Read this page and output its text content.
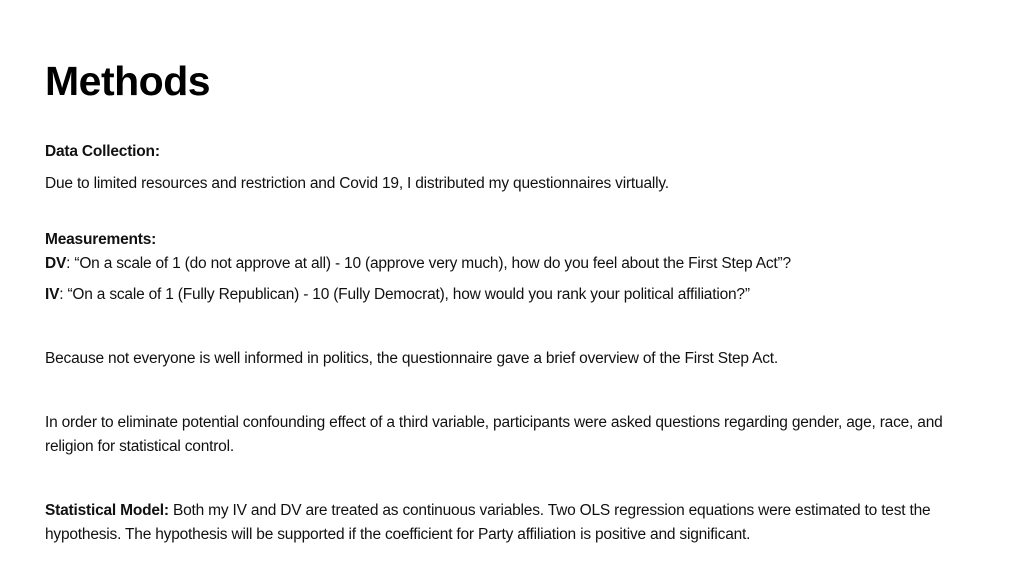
Methods

Data Collection:

Due to limited resources and restriction and Covid 19, I distributed my questionnaires virtually.

Measurements:

DV: “On a scale of 1 (do not approve at all) - 10 (approve very much), how do you feel about the First Step Act”?

IV: “On a scale of 1 (Fully Republican) - 10 (Fully Democrat), how would you rank your political affiliation?”

Because not everyone is well informed in politics, the questionnaire gave a brief overview of the First Step Act.

In order to eliminate potential confounding effect of a third variable, participants were asked questions regarding gender, age, race, and religion for statistical control.

Statistical Model: Both my IV and DV are treated as continuous variables. Two OLS regression equations were estimated to test the hypothesis. The hypothesis will be supported if the coefficient for Party affiliation is positive and significant.
